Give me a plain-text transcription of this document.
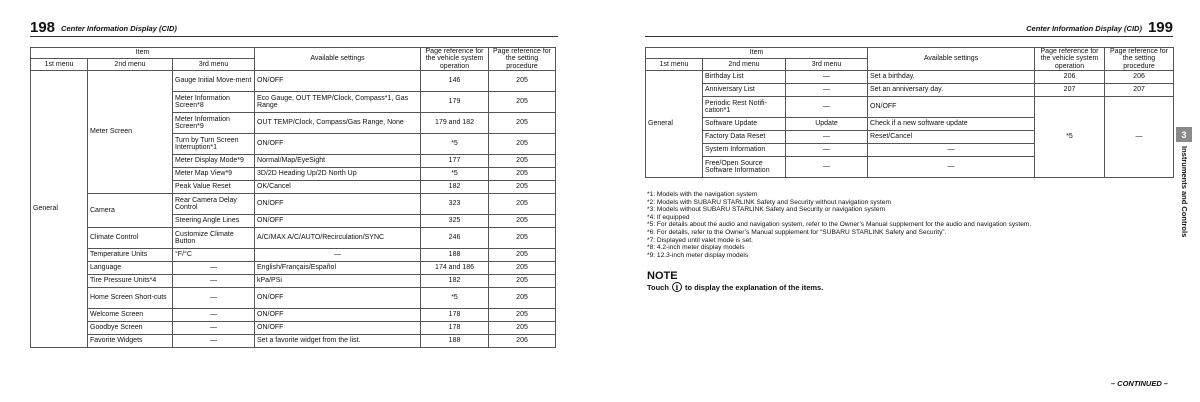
198 Center Information Display (CID)
Item			Available settings	Page reference for the vehicle system operation	Page reference for the setting procedure
1st menu	2nd menu	3rd menu			
General	Meter Screen	Gauge Initial Move-ment	ON/OFF	146	205
		Meter Information Screen*8	Eco Gauge, OUT TEMP/Clock, Compass*1, Gas Range	179	205
		Meter Information Screen*9	OUT TEMP/Clock, Compass/Gas Range, None	179 and 182	205
		Turn by Turn Screen Interruption*1	ON/OFF	*5	205
		Meter Display Mode*9	Normal/Map/EyeSight	177	205
		Meter Map View*9	3D/2D Heading Up/2D North Up	*5	205
		Peak Value Reset	OK/Cancel	182	205
	Camera	Rear Camera Delay Control	ON/OFF	323	205
		Steering Angle Lines	ON/OFF	325	205
	Climate Control	Customize Climate Button	A/C/MAX A/C/AUTO/Recirculation/SYNC	246	205
	Temperature Units	°F/°C	—	188	205
	Language	—	English/Français/Español	174 and 186	205
	Tire Pressure Units*4	—	kPa/PSi	182	205
	Home Screen Short-cuts	—	ON/OFF	*5	205
	Welcome Screen	—	ON/OFF	178	205
	Goodbye Screen	—	ON/OFF	178	205
	Favorite Widgets	—	Set a favorite widget from the list.	188	206
Center Information Display (CID) 199
Item			Available settings	Page reference for the vehicle system operation	Page reference for the setting procedure
1st menu	2nd menu	3rd menu			
General	Birthday List	—	Set a birthday.	206	206
	Anniversary List	—	Set an anniversary day.	207	207
	Periodic Rest Notifi-cation*1	—	ON/OFF	*5	—
	Software Update	Update	Check if a new software update		
	Factory Data Reset	—	Reset/Cancel		
	System Information	—	—		
	Free/Open Source Software Information	—	—		
*1: Models with the navigation system
*2: Models with SUBARU STARLINK Safety and Security without navigation system
*3: Models without SUBARU STARLINK Safety and Security or navigation system
*4: If equipped
*5: For details about the audio and navigation system, refer to the Owner’s Manual supplement for the audio and navigation system.
*6: For details, refer to the Owner’s Manual supplement for “SUBARU STARLINK Safety and Security”.
*7: Displayed until valet mode is set.
*8: 4.2-inch meter display models
*9: 12.3-inch meter display models
NOTE
Touch i to display the explanation of the items.
3
Instruments and Controls
– CONTINUED –
